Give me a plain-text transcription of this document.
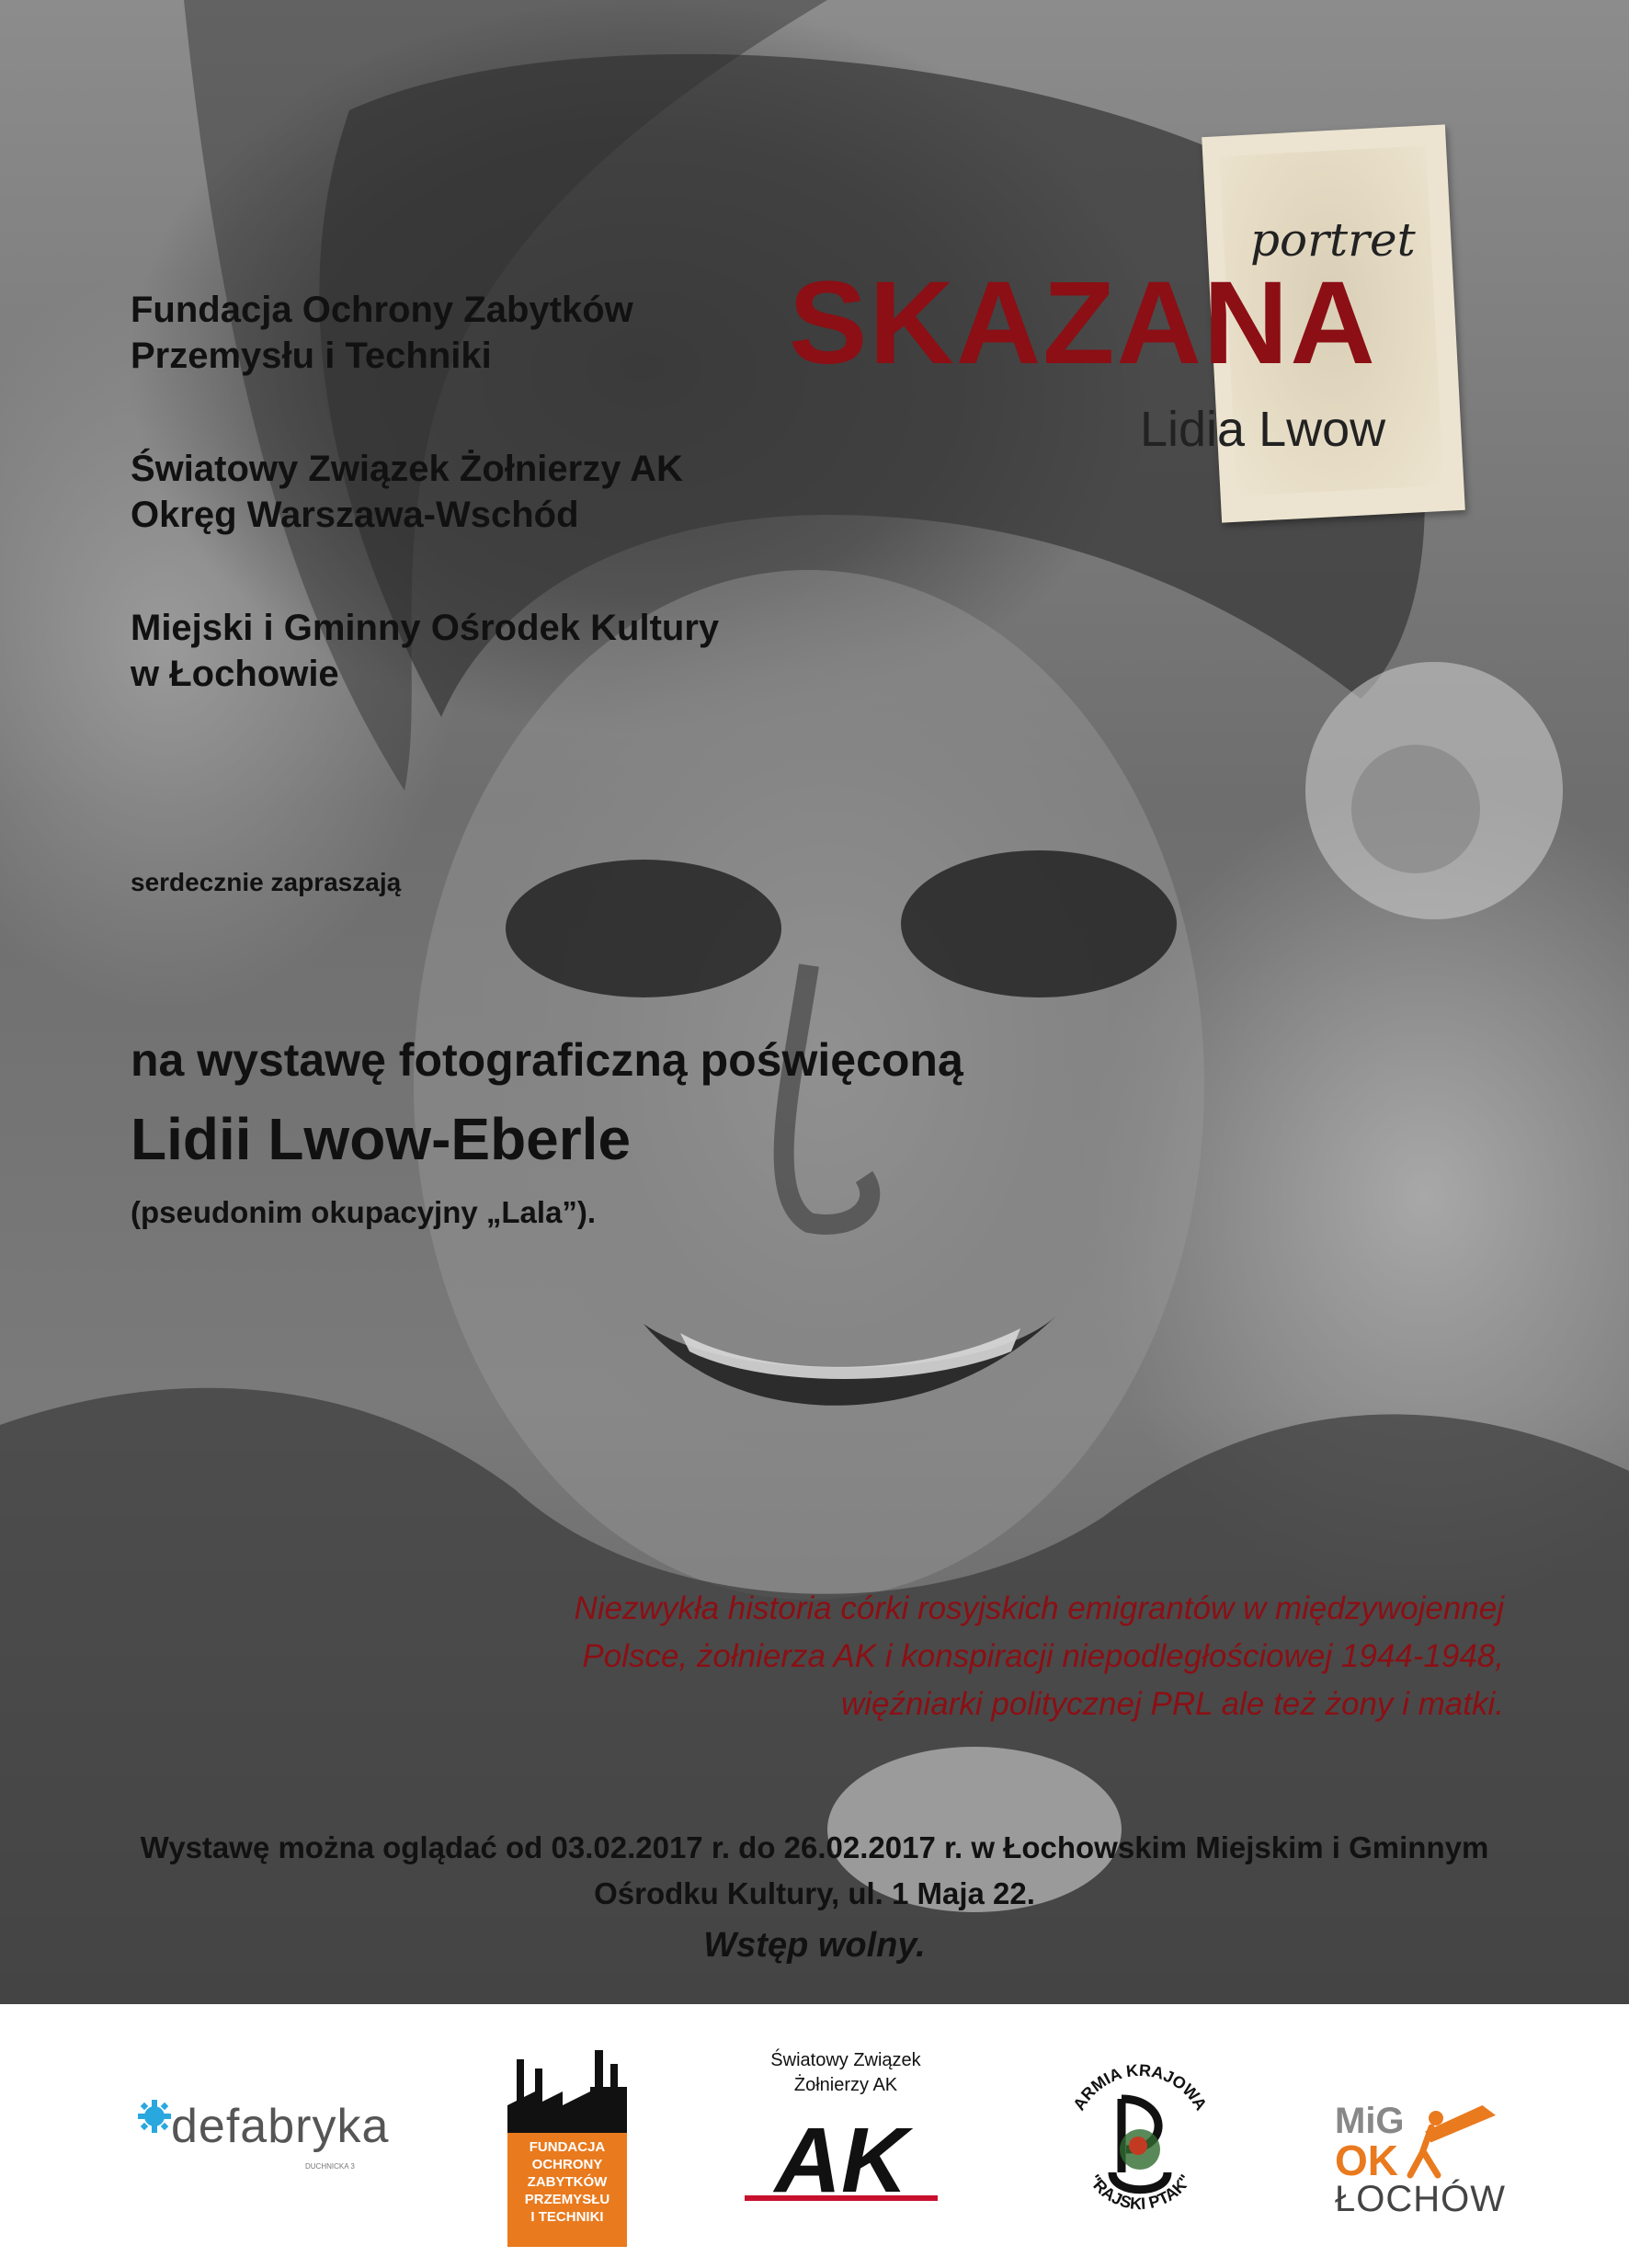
Fundacja Ochrony Zabytków
Przemysłu i Techniki
Światowy Związek Żołnierzy AK
Okręg Warszawa-Wschód
Miejski i Gminny Ośrodek Kultury
w Łochowie
portret
SKAZANA
Lidia Lwow
serdecznie zapraszają
na wystawę fotograficzną poświęconą
Lidii Lwow-Eberle
(pseudonim okupacyjny „Lala”).
Niezwykła historia córki rosyjskich emigrantów w międzywojennej
Polsce, żołnierza AK i konspiracji niepodległościowej 1944-1948,
więźniarki politycznej PRL ale też żony i matki.
Wystawę można oglądać od 03.02.2017 r. do 26.02.2017 r. w Łochowskim Miejskim i Gminnym
Ośrodku Kultury, ul. 1 Maja 22.
Wstęp wolny.
defabryka
DUCHNICKA 3
FUNDACJA
OCHRONY
ZABYTKÓW
PRZEMYSŁU
I TECHNIKI
Światowy Związek
Żołnierzy AK
AK
ARMIA KRAJOWA
"RAJSKI PTAK"
MiG
OK
ŁOCHÓW
